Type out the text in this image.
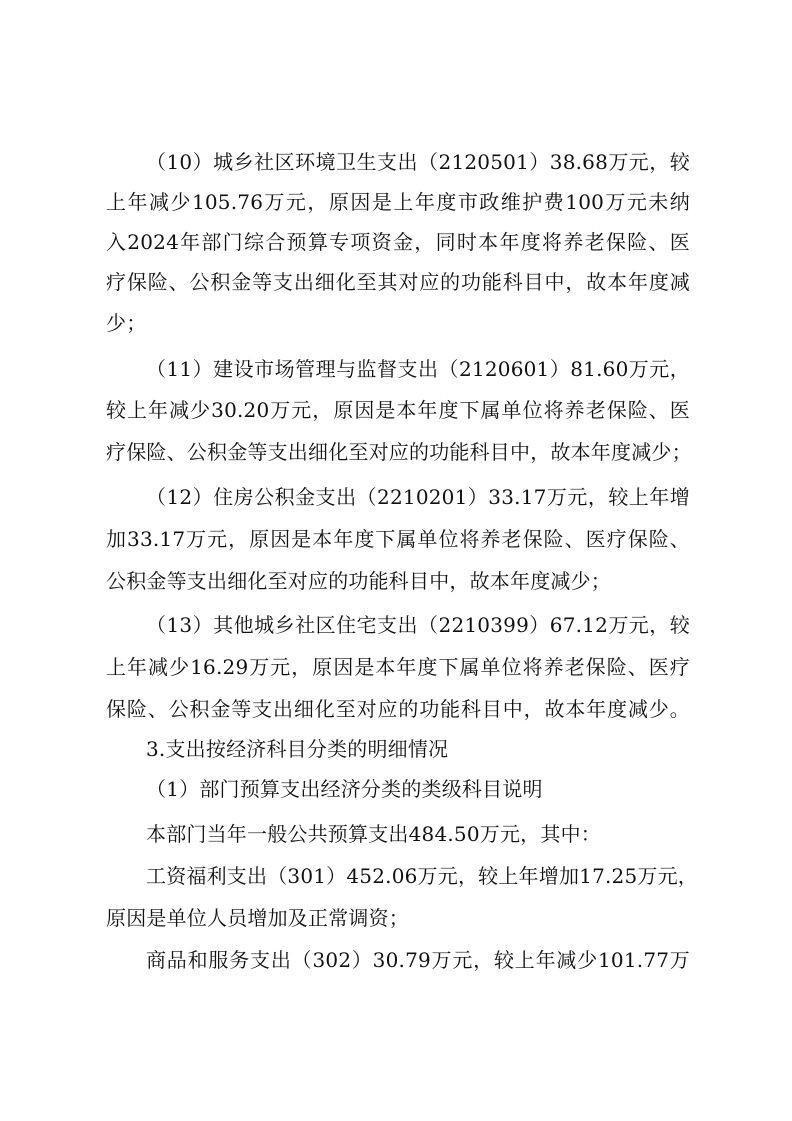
（10）城乡社区环境卫生支出（2120501）38.68万元，较
上年减少105.76万元，原因是上年度市政维护费100万元未纳
入2024年部门综合预算专项资金，同时本年度将养老保险、医
疗保险、公积金等支出细化至其对应的功能科目中，故本年度减
少；
（11）建设市场管理与监督支出（2120601）81.60万元，
较上年减少30.20万元，原因是本年度下属单位将养老保险、医
疗保险、公积金等支出细化至对应的功能科目中，故本年度减少；
（12）住房公积金支出（2210201）33.17万元，较上年增
加33.17万元，原因是本年度下属单位将养老保险、医疗保险、
公积金等支出细化至对应的功能科目中，故本年度减少；
（13）其他城乡社区住宅支出（2210399）67.12万元，较
上年减少16.29万元，原因是本年度下属单位将养老保险、医疗
保险、公积金等支出细化至对应的功能科目中，故本年度减少。
3.支出按经济科目分类的明细情况
（1）部门预算支出经济分类的类级科目说明
本部门当年一般公共预算支出484.50万元，其中：
工资福利支出（301）452.06万元，较上年增加17.25万元，
原因是单位人员增加及正常调资；
商品和服务支出（302）30.79万元，较上年减少101.77万
